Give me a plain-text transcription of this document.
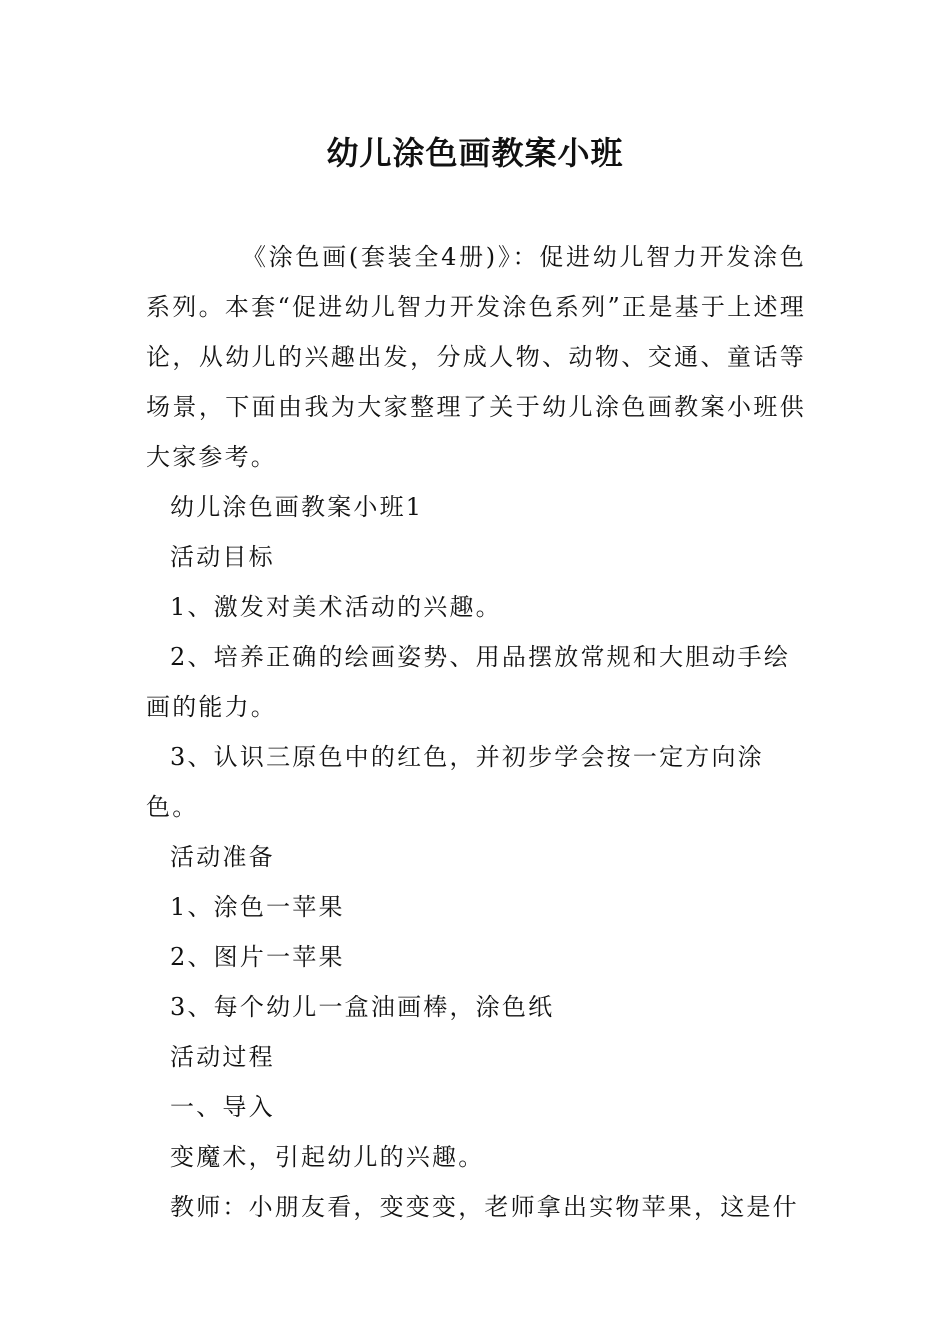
幼儿涂色画教案小班

《涂色画(套装全4册)》：促进幼儿智力开发涂色系列。本套“促进幼儿智力开发涂色系列”正是基于上述理论，从幼儿的兴趣出发，分成人物、动物、交通、童话等场景，下面由我为大家整理了关于幼儿涂色画教案小班供大家参考。

幼儿涂色画教案小班1

活动目标

1、激发对美术活动的兴趣。

2、培养正确的绘画姿势、用品摆放常规和大胆动手绘画的能力。

3、认识三原色中的红色，并初步学会按一定方向涂色。

活动准备

1、涂色一苹果

2、图片一苹果

3、每个幼儿一盒油画棒，涂色纸

活动过程

一、导入

变魔术，引起幼儿的兴趣。

教师：小朋友看，变变变，老师拿出实物苹果，这是什
